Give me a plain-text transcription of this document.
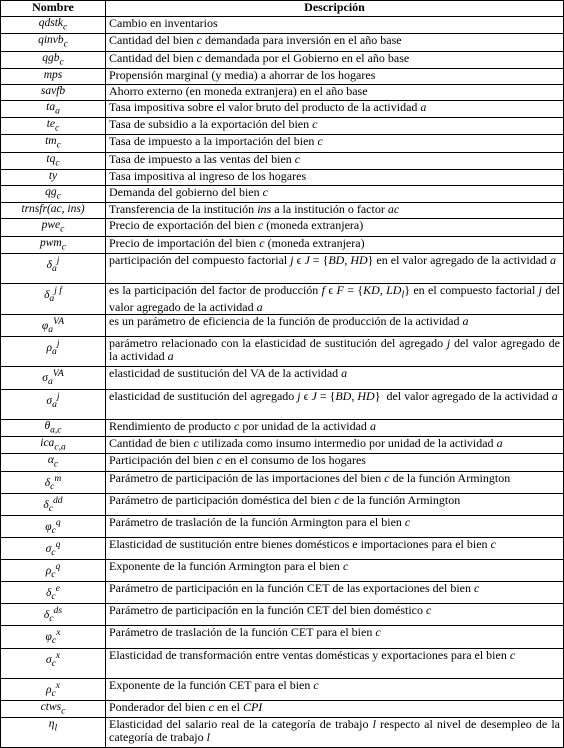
Nombre	Descripción
qdstk$_c$	Cambio en inventarios
qinvb$_c$	Cantidad del bien c demandada para inversión en el año base
qgb$_c$	Cantidad del bien c demandada por el Gobierno en el año base
mps	Propensión marginal (y media) a ahorrar de los hogares
savfb	Ahorro externo (en moneda extranjera) en el año base
$ta_a$	Tasa impositiva sobre el valor bruto del producto de la actividad a
$te_c$	Tasa de subsidio a la exportación del bien c
$tm_c$	Tasa de impuesto a la importación del bien c
$tq_c$	Tasa de impuesto a las ventas del bien c
ty	Tasa impositiva al ingreso de los hogares
$qg_c$	Demanda del gobierno del bien c
trnsfr(ac, ins)	Transferencia de la institución ins a la institución o factor ac
pwe$_c$	Precio de exportación del bien c (moneda extranjera)
pwm$_c$	Precio de importación del bien c (moneda extranjera)
$\delta_a^j$	participación del compuesto factorial j ϵ J = {BD, HD} en el valor agregado de la actividad a
$\delta_a^{j f}$	es la participación del factor de producción f ϵ F = {KD, $LD_l$} en el compuesto factorial j del valor agregado de la actividad a
$\varphi_a^{VA}$	es un parámetro de eficiencia de la función de producción de la actividad a
$\rho_a^j$	parámetro relacionado con la elasticidad de sustitución del agregado j del valor agregado de la actividad a
$\sigma_a^{VA}$	elasticidad de sustitución del VA de la actividad a
$\sigma_a^j$	elasticidad de sustitución del agregado j ϵ J = {BD, HD}  del valor agregado de la actividad a
$\theta_{a,c}$	Rendimiento de producto c por unidad de la actividad a
ica$_{c,a}$	Cantidad de bien c utilizada como insumo intermedio por unidad de la actividad a
$\alpha_c$	Participación del bien c en el consumo de los hogares
$\delta_c^m$	Parámetro de participación de las importaciones del bien c de la función Armington
$\delta_c^{dd}$	Parámetro de participación doméstica del bien c de la función Armington
$\varphi_c^q$	Parámetro de traslación de la función Armington para el bien c
$\sigma_c^q$	Elasticidad de sustitución entre bienes domésticos e importaciones para el bien c
$\rho_c^q$	Exponente de la función Armington para el bien c
$\delta_c^e$	Parámetro de participación en la función CET de las exportaciones del bien c
$\delta_c^{ds}$	Parámetro de participación en la función CET del bien doméstico c
$\varphi_c^x$	Parámetro de traslación de la función CET para el bien c
$\sigma_c^x$	Elasticidad de transformación entre ventas domésticas y exportaciones para el bien c
$\rho_c^x$	Exponente de la función CET para el bien c
ctws$_c$	Ponderador del bien c en el CPI
$\eta_l$	Elasticidad del salario real de la categoría de trabajo l respecto al nivel de desempleo de la categoría de trabajo l
